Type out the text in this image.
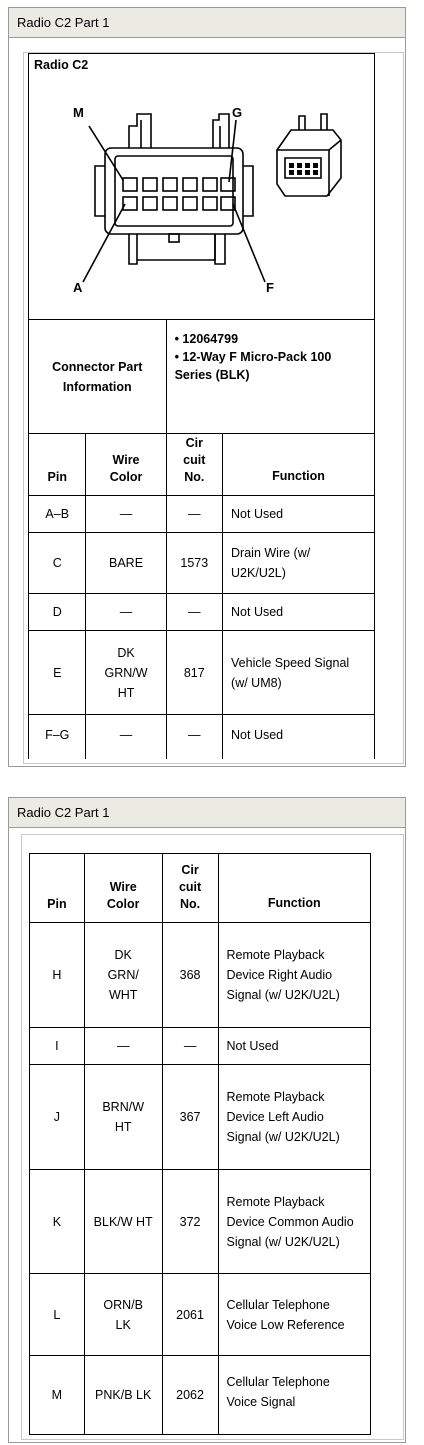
Radio C2 Part 1
Radio C2
M G
A F			

Connector Part Information		• 12064799
• 12-Way F Micro-Pack 100 Series (BLK)	

Pin	Wire Color	Cir cuit No.	Function
A–B	—	—	Not Used
C	BARE	1573	Drain Wire (w/ U2K/U2L)
D	—	—	Not Used
E	DK GRN/W HT	817	Vehicle Speed Signal (w/ UM8)
F–G	—	—	Not Used
Radio C2 Part 1
Pin	Wire Color	Cir cuit No.	Function
H	DK GRN/ WHT	368	Remote Playback Device Right Audio Signal (w/ U2K/U2L)
I	—	—	Not Used
J	BRN/W HT	367	Remote Playback Device Left Audio Signal (w/ U2K/U2L)
K	BLK/W HT	372	Remote Playback Device Common Audio Signal (w/ U2K/U2L)
L	ORN/B LK	2061	Cellular Telephone Voice Low Reference
M	PNK/B LK	2062	Cellular Telephone Voice Signal
